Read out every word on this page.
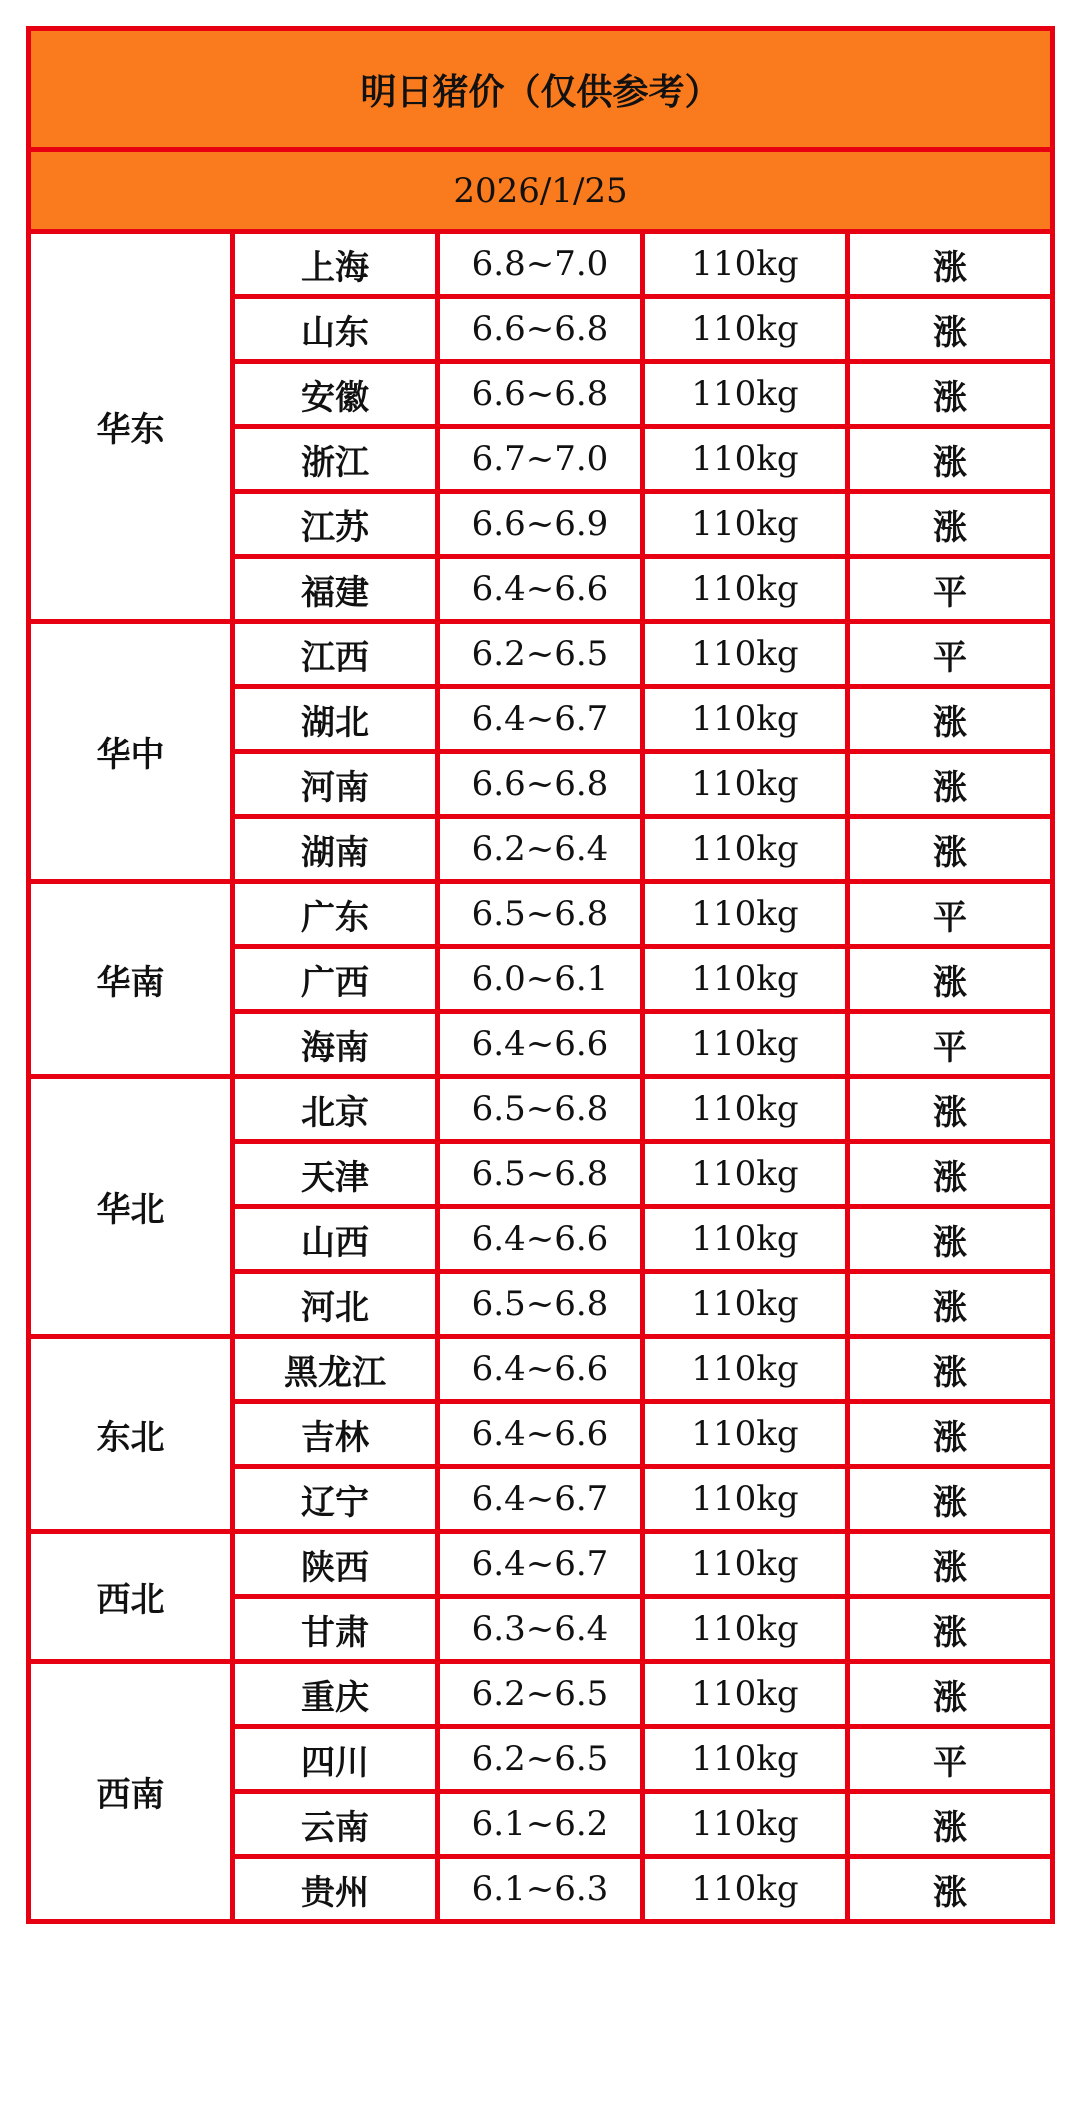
明日猪价（仅供参考）				
2026/1/25				
华东	上海	6.8~7.0	110kg	涨
	山东	6.6~6.8	110kg	涨
	安徽	6.6~6.8	110kg	涨
	浙江	6.7~7.0	110kg	涨
	江苏	6.6~6.9	110kg	涨
	福建	6.4~6.6	110kg	平
华中	江西	6.2~6.5	110kg	平
	湖北	6.4~6.7	110kg	涨
	河南	6.6~6.8	110kg	涨
	湖南	6.2~6.4	110kg	涨
华南	广东	6.5~6.8	110kg	平
	广西	6.0~6.1	110kg	涨
	海南	6.4~6.6	110kg	平
华北	北京	6.5~6.8	110kg	涨
	天津	6.5~6.8	110kg	涨
	山西	6.4~6.6	110kg	涨
	河北	6.5~6.8	110kg	涨
东北	黑龙江	6.4~6.6	110kg	涨
	吉林	6.4~6.6	110kg	涨
	辽宁	6.4~6.7	110kg	涨
西北	陕西	6.4~6.7	110kg	涨
	甘肃	6.3~6.4	110kg	涨
西南	重庆	6.2~6.5	110kg	涨
	四川	6.2~6.5	110kg	平
	云南	6.1~6.2	110kg	涨
	贵州	6.1~6.3	110kg	涨
